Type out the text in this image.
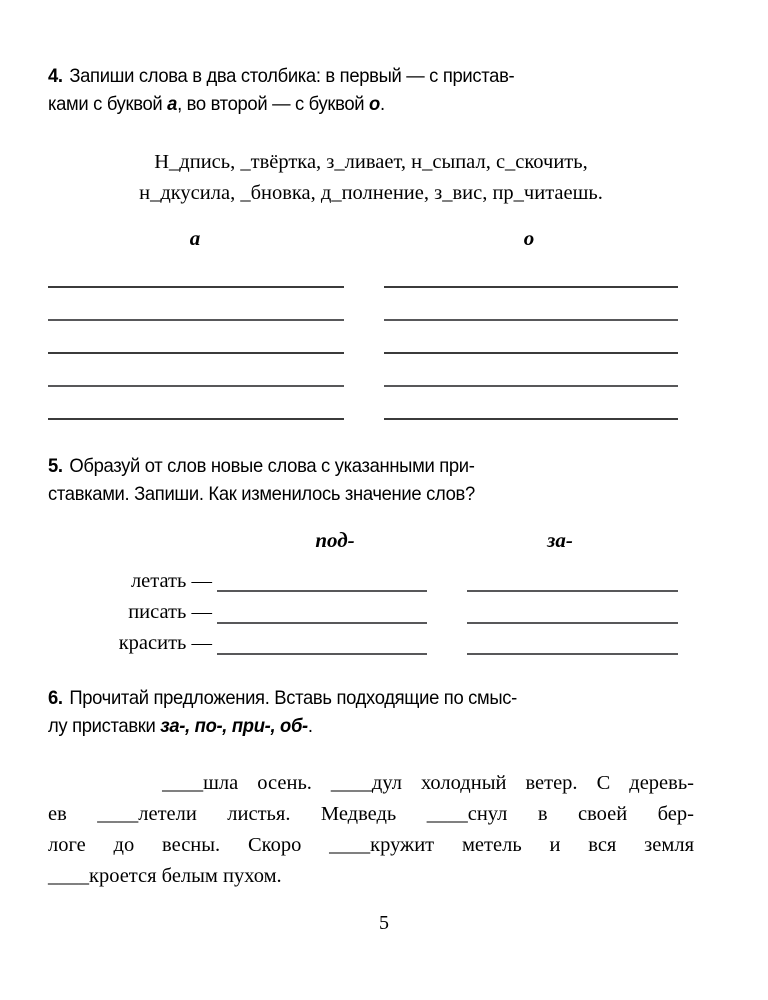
4. Запиши слова в два столбика: в первый — с пристав-
ками с буквой а, во второй — с буквой о.
Н_дпись, _твёртка, з_ливает, н_сыпал, с_скочить,
н_дкусила, _бновка, д_полнение, з_вис, пр_читаешь.
а	о
5. Образуй от слов новые слова с указанными при-
ставками. Запиши. Как изменилось значение слов?
под-	за-
летать —
писать —
красить —
6. Прочитай предложения. Вставь подходящие по смыс-
лу приставки за-, по-, при-, об-.
____шла осень. ____дул холодный ветер. С деревь-
ев ____летели листья. Медведь ____снул в своей бер-
логе до весны. Скоро ____кружит метель и вся земля
____кроется белым пухом.
5
